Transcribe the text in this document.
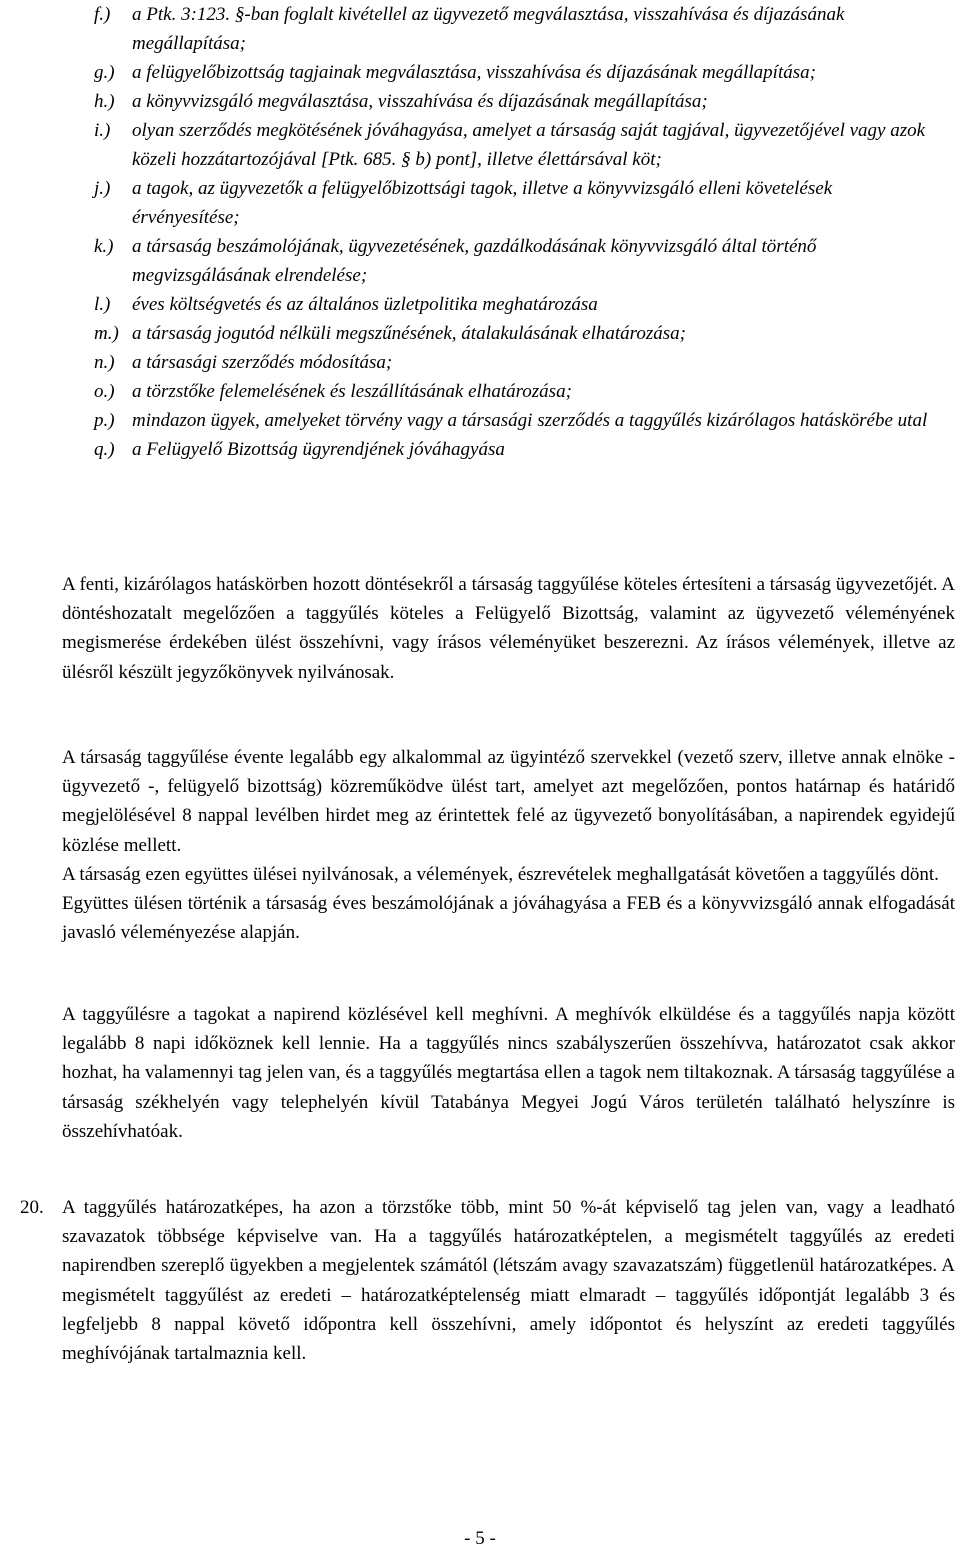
f.)	a Ptk. 3:123. §-ban foglalt kivétellel az ügyvezető megválasztása, visszahívása és díjazásának megállapítása;
g.) a felügyelőbizottság tagjainak megválasztása, visszahívása és díjazásának megállapítása;
h.) a könyvvizsgáló megválasztása, visszahívása és díjazásának megállapítása;
i.)	olyan szerződés megkötésének jóváhagyása, amelyet a társaság saját tagjával, ügyvezetőjével vagy azok közeli hozzátartozójával [Ptk. 685. § b) pont], illetve élettársával köt;
j.)	a tagok, az ügyvezetők a felügyelőbizottsági tagok, illetve a könyvvizsgáló elleni követelések érvényesítése;
k.) a társaság beszámolójának, ügyvezetésének, gazdálkodásának könyvvizsgáló által történő megvizsgálásának elrendelése;
l.)	éves költségvetés és az általános üzletpolitika meghatározása
m.) a társaság jogutód nélküli megszűnésének, átalakulásának elhatározása;
n.) a társasági szerződés módosítása;
o.) a törzstőke felemelésének és leszállításának elhatározása;
p.) mindazon ügyek, amelyeket törvény vagy a társasági szerződés a taggyűlés kizárólagos hatáskörébe utal
q.) a Felügyelő Bizottság ügyrendjének jóváhagyása

A fenti, kizárólagos hatáskörben hozott döntésekről a társaság taggyűlése köteles értesíteni a társaság ügyvezetőjét. A döntéshozatalt megelőzően a taggyűlés köteles a Felügyelő Bizottság, valamint az ügyvezető véleményének megismerése érdekében ülést összehívni, vagy írásos véleményüket beszerezni. Az írásos vélemények, illetve az ülésről készült jegyzőkönyvek nyilvánosak.

A társaság taggyűlése évente legalább egy alkalommal az ügyintéző szervekkel (vezető szerv, illetve annak elnöke - ügyvezető -, felügyelő bizottság) közreműködve ülést tart, amelyet azt megelőzően, pontos határnap és határidő megjelölésével 8 nappal levélben hirdet meg az érintettek felé az ügyvezető bonyolításában, a napirendek egyidejű közlése mellett.

A társaság ezen együttes ülései nyilvánosak, a vélemények, észrevételek meghallgatását követően a taggyűlés dönt.

Együttes ülésen történik a társaság éves beszámolójának a jóváhagyása a FEB és a könyvvizsgáló annak elfogadását javasló véleményezése alapján.

A taggyűlésre a tagokat a napirend közlésével kell meghívni. A meghívók elküldése és a taggyűlés napja között legalább 8 napi időköznek kell lennie. Ha a taggyűlés nincs szabályszerűen összehívva, határozatot csak akkor hozhat, ha valamennyi tag jelen van, és a taggyűlés megtartása ellen a tagok nem tiltakoznak. A társaság taggyűlése a társaság székhelyén vagy telephelyén kívül Tatabánya Megyei Jogú Város területén található helyszínre is összehívhatóak.

20. A taggyűlés határozatképes, ha azon a törzstőke több, mint 50 %-át képviselő tag jelen van, vagy a leadható szavazatok többsége képviselve van. Ha a taggyűlés határozatképtelen, a megismételt taggyűlés az eredeti napirendben szereplő ügyekben a megjelentek számától (létszám avagy szavazatszám) függetlenül határozatképes. A megismételt taggyűlést az eredeti – határozatképtelenség miatt elmaradt – taggyűlés időpontját legalább 3 és legfeljebb 8 nappal követő időpontra kell összehívni, amely időpontot és helyszínt az eredeti taggyűlés meghívójának tartalmaznia kell.
- 5 -
